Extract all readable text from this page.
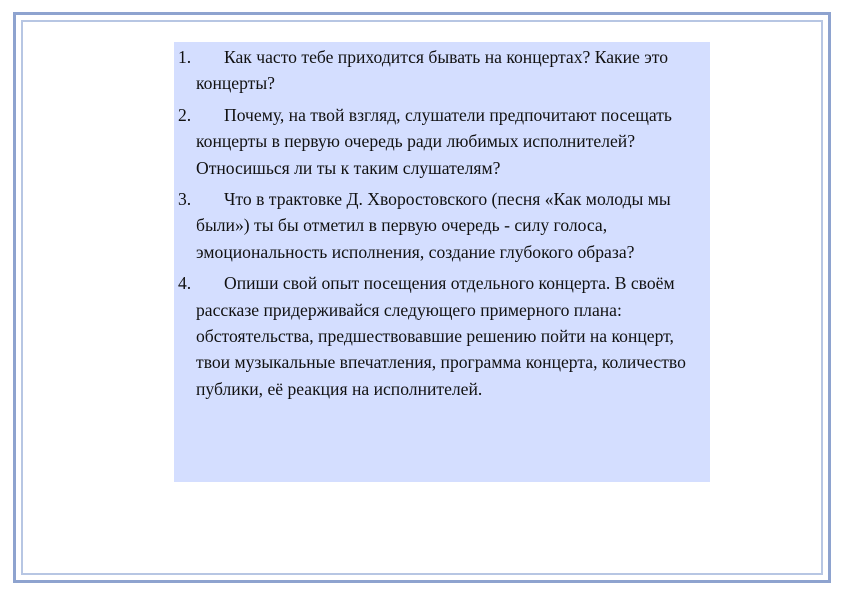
1.	Как часто тебе приходится бывать на концертах? Какие это концерты?

2.	Почему, на твой взгляд, слушатели предпочитают посещать концерты в первую очередь ради любимых исполнителей? Относишься ли ты к таким слушателям?

3.	Что в трактовке Д. Хворостовского (песня «Как молоды мы были») ты бы отметил в первую очередь - силу голоса, эмоциональность исполнения, создание глубокого образа?

4.	Опиши свой опыт посещения отдельного концерта. В своём рассказе придерживайся следующего примерного плана: обстоятельства, предшествовавшие решению пойти на концерт, твои музыкальные впечатления, программа концерта, количество публики, её реакция на исполнителей.
